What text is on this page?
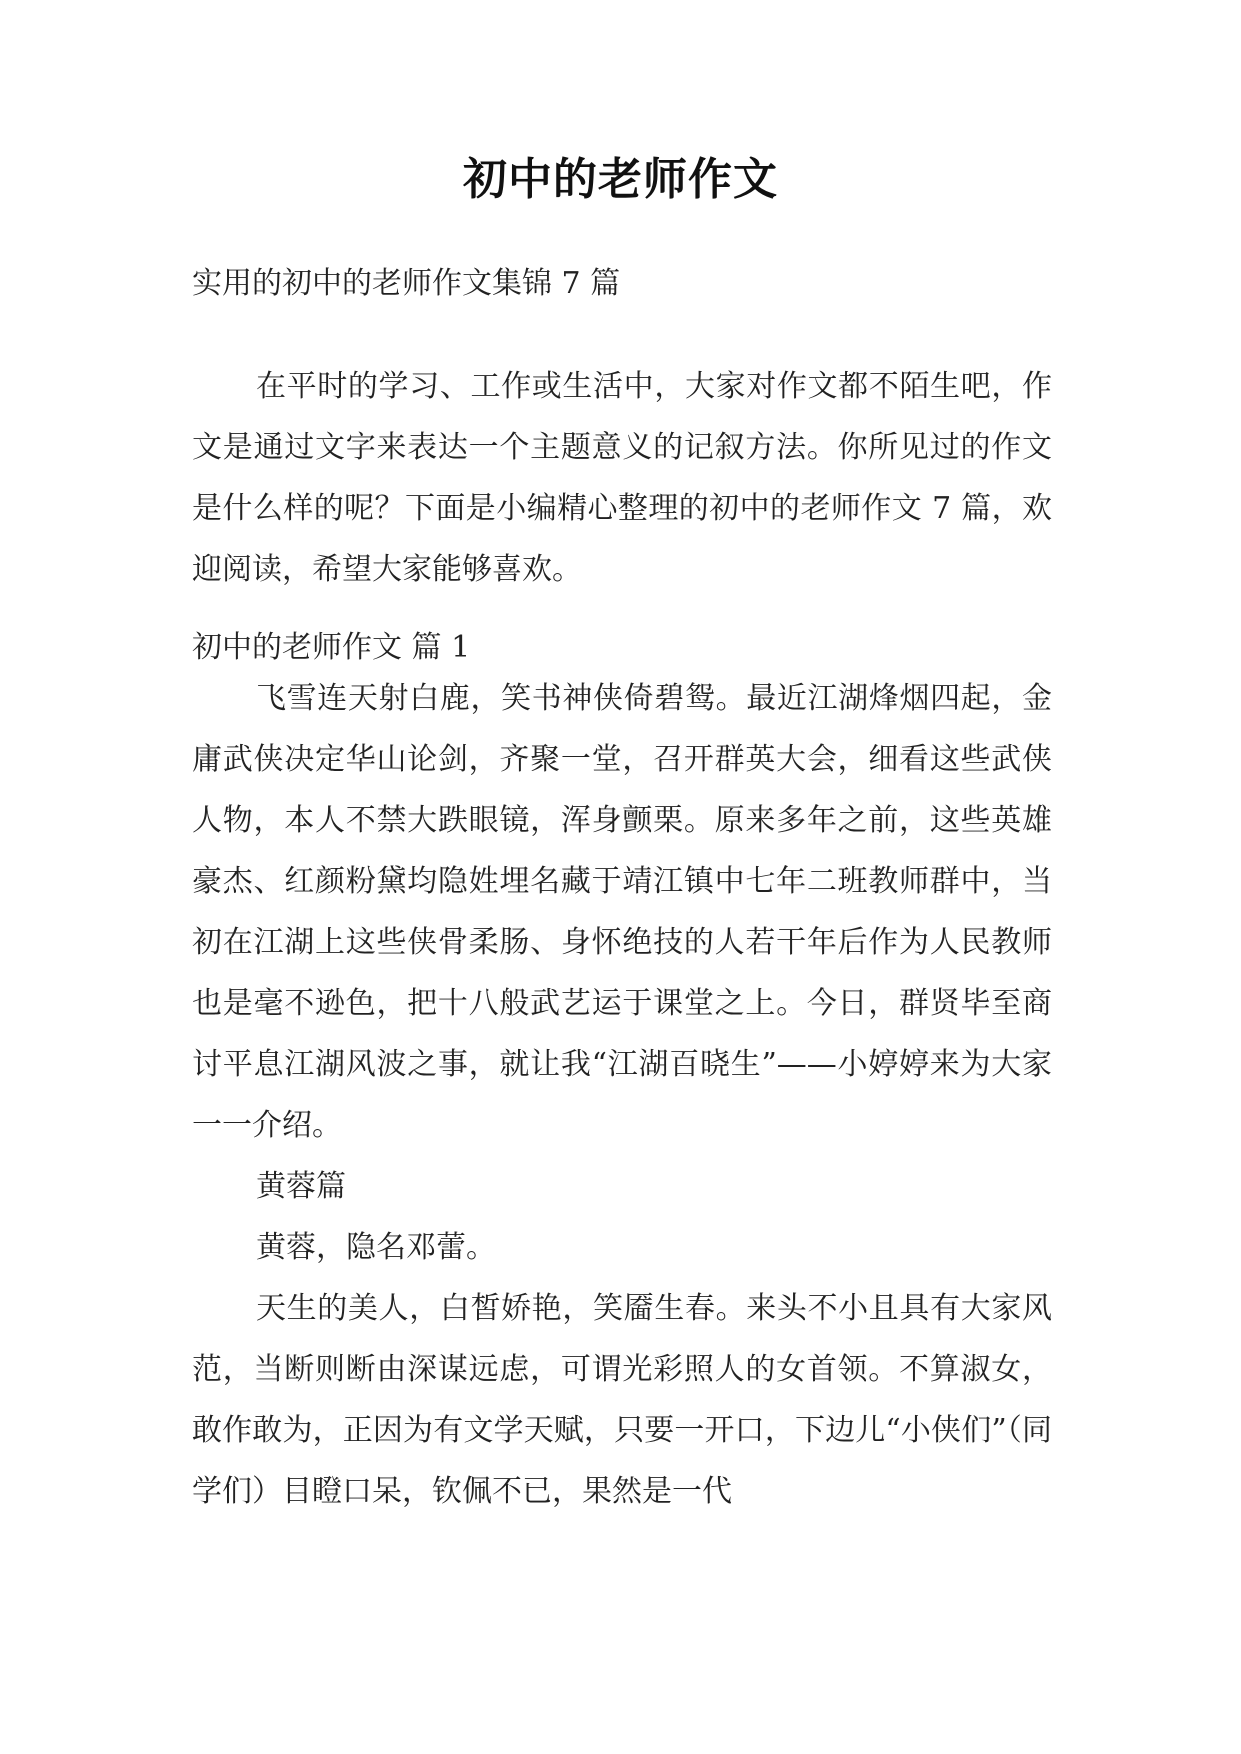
初中的老师作文
实用的初中的老师作文集锦 7 篇

在平时的学习、工作或生活中，大家对作文都不陌生吧，作文是通过文字来表达一个主题意义的记叙方法。你所见过的作文是什么样的呢？下面是小编精心整理的初中的老师作文 7 篇，欢迎阅读，希望大家能够喜欢。

初中的老师作文 篇 1

飞雪连天射白鹿，笑书神侠倚碧鸳。最近江湖烽烟四起，金庸武侠决定华山论剑，齐聚一堂，召开群英大会，细看这些武侠人物，本人不禁大跌眼镜，浑身颤栗。原来多年之前，这些英雄豪杰、红颜粉黛均隐姓埋名藏于靖江镇中七年二班教师群中，当初在江湖上这些侠骨柔肠、身怀绝技的人若干年后作为人民教师也是毫不逊色，把十八般武艺运于课堂之上。今日，群贤毕至商讨平息江湖风波之事，就让我“江湖百晓生”——小婷婷来为大家一一介绍。

黄蓉篇

黄蓉，隐名邓蕾。

天生的美人，白皙娇艳，笑靥生春。来头不小且具有大家风范，当断则断由深谋远虑，可谓光彩照人的女首领。不算淑女，敢作敢为，正因为有文学天赋，只要一开口，下边儿“小侠们”（同学们）目瞪口呆，钦佩不已，果然是一代
